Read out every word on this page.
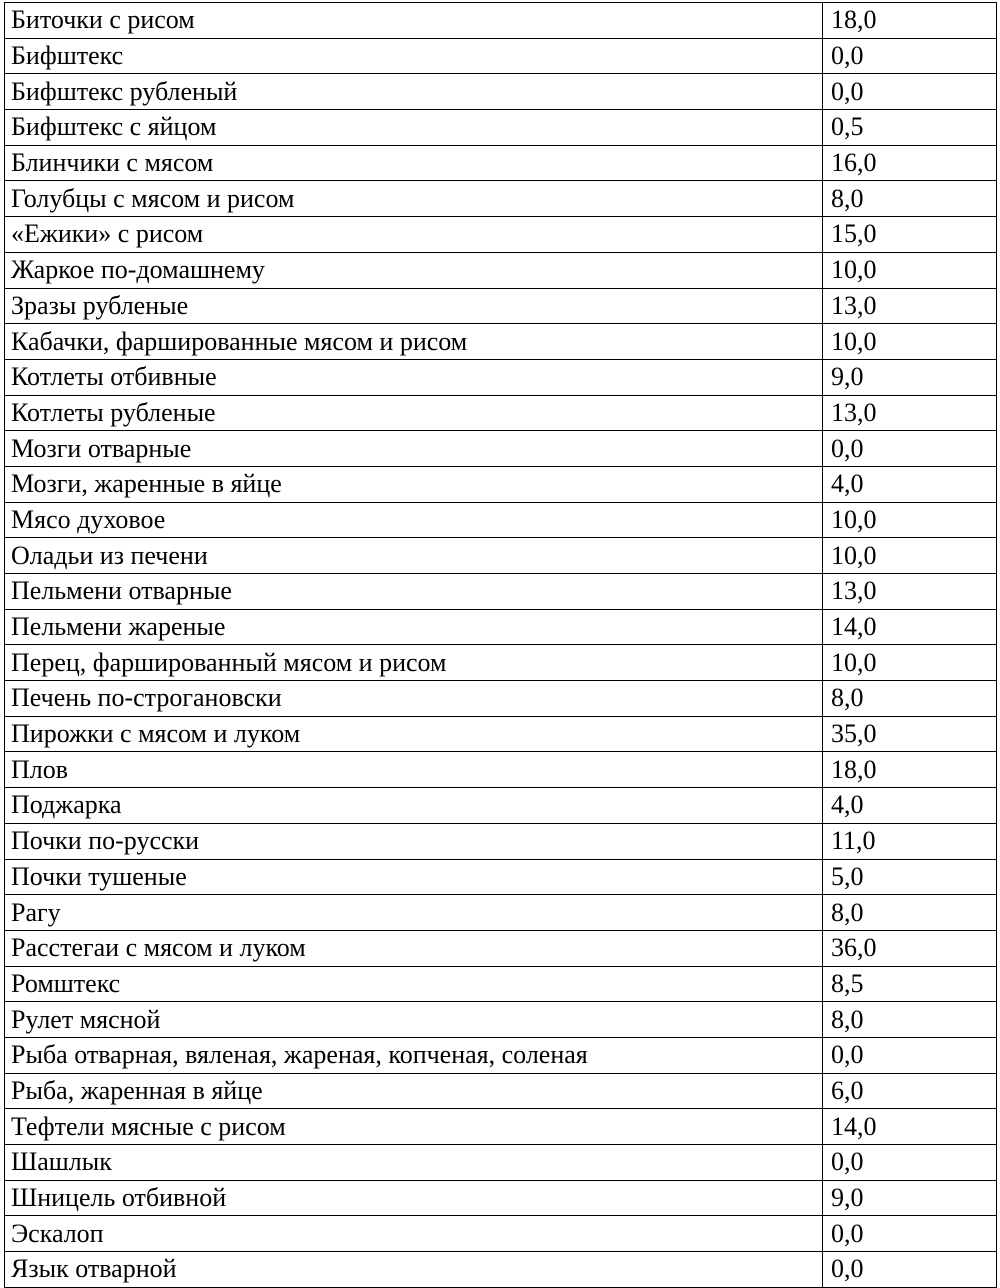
Биточки с рисом	18,0
Бифштекс	0,0
Бифштекс рубленый	0,0
Бифштекс с яйцом	0,5
Блинчики с мясом	16,0
Голубцы с мясом и рисом	8,0
«Ежики» с рисом	15,0
Жаркое по-домашнему	10,0
Зразы рубленые	13,0
Кабачки, фаршированные мясом и рисом	10,0
Котлеты отбивные	9,0
Котлеты рубленые	13,0
Мозги отварные	0,0
Мозги, жаренные в яйце	4,0
Мясо духовое	10,0
Оладьи из печени	10,0
Пельмени отварные	13,0
Пельмени жареные	14,0
Перец, фаршированный мясом и рисом	10,0
Печень по-строгановски	8,0
Пирожки с мясом и луком	35,0
Плов	18,0
Поджарка	4,0
Почки по-русски	11,0
Почки тушеные	5,0
Рагу	8,0
Расстегаи с мясом и луком	36,0
Ромштекс	8,5
Рулет мясной	8,0
Рыба отварная, вяленая, жареная, копченая, соленая	0,0
Рыба, жаренная в яйце	6,0
Тефтели мясные с рисом	14,0
Шашлык	0,0
Шницель отбивной	9,0
Эскалоп	0,0
Язык отварной	0,0
